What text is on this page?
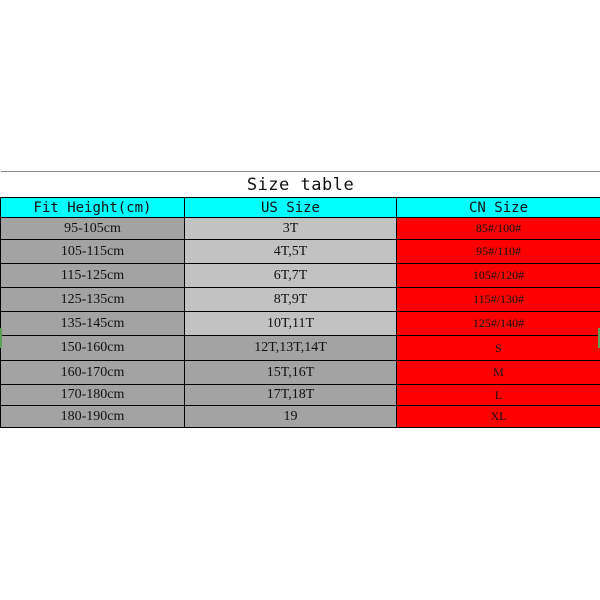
Size table		
Fit Height(cm)	US Size	CN Size
95-105cm	3T	85#/100#
105-115cm	4T,5T	95#/110#
115-125cm	6T,7T	105#/120#
125-135cm	8T,9T	115#/130#
135-145cm	10T,11T	125#/140#
150-160cm	12T,13T,14T	S
160-170cm	15T,16T	M
170-180cm	17T,18T	L
180-190cm	19	XL
